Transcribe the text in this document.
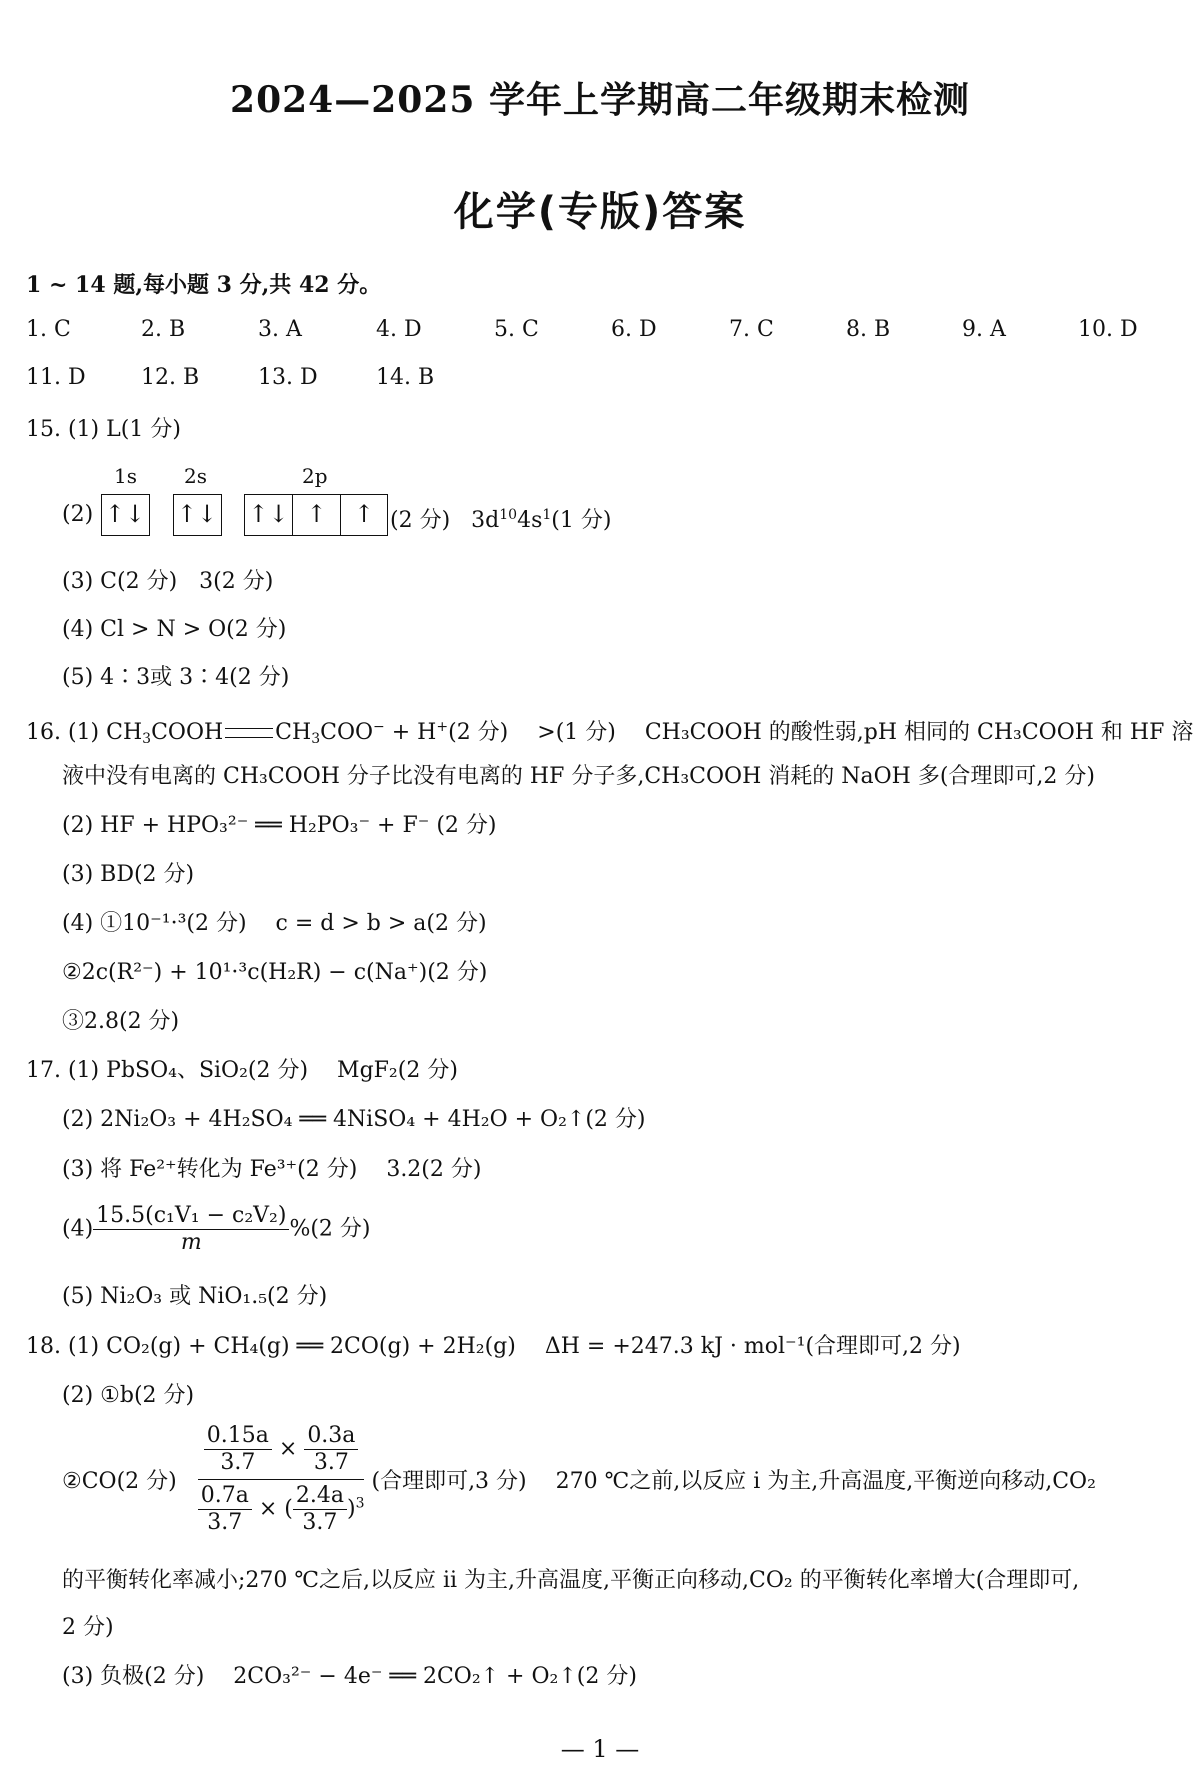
2024—2025 学年上学期高二年级期末检测
化学(专版)答案
1 ~ 14 题,每小题 3 分,共 42 分。
1. C	2. B	3. A	4. D	5. C	6. D	7. C	8. B	9. A	10. D
11. D	12. B	13. D	14. B
15. (1) L(1 分)
1s 2s	2p
(2) ↑↓ ↑↓ ↑↓ ↑	↑ (2 分) $3d^{10}4s^1(1$ 分)
(3) C(2 分)　3(2 分)
(4) Cl > N > O(2 分)
(5) 4∶3或 3∶4(2 分)
16. (1) $CH_3COOH$ $CH_3COO^- + H^+(2$ 分)　 >(1 分)　 CH₃COOH 的酸性弱,pH 相同的 CH₃COOH 和 HF 溶
液中没有电离的 CH₃COOH 分子比没有电离的 HF 分子多,CH₃COOH 消耗的 NaOH 多(合理即可,2 分)
(2) HF + HPO₃²⁻ ══ H₂PO₃⁻ + F⁻ (2 分)
(3) BD(2 分)
(4) ①10⁻¹·³(2 分)　 c = d > b > a(2 分)
②2c(R²⁻) + 10¹·³c(H₂R) − c(Na⁺)(2 分)
③2.8(2 分)
17. (1) PbSO₄、SiO₂(2 分)　 MgF₂(2 分)
(2) 2Ni₂O₃ + 4H₂SO₄ ══ 4NiSO₄ + 4H₂O + O₂↑(2 分)
(3) 将 Fe²⁺转化为 Fe³⁺(2 分)　 3.2(2 分)
$(4) \frac{\text{15.5(c₁V₁ − c₂V₂)}}{m} \%(2$ 分)
(5) Ni₂O₃ 或 NiO₁.₅(2 分)
18. (1) CO₂(g) + CH₄(g) ══ 2CO(g) + 2H₂(g)　 ΔH = +247.3 kJ · mol⁻¹(合理即可,2 分)
(2) ①b(2 分)
②CO(2 分) $\frac{\frac{0.15a}{3.7} \times \frac{0.3a}{3.7}}{\frac{0.7a}{3.7} \times ( \frac{2.4a}{3.7} )^3}$ (合理即可,3 分)　 270 ℃之前,以反应 ⅰ 为主,升高温度,平衡逆向移动,CO₂
的平衡转化率减小;270 ℃之后,以反应 ⅱ 为主,升高温度,平衡正向移动,CO₂ 的平衡转化率增大(合理即可,
2 分)
(3) 负极(2 分)　 2CO₃²⁻ − 4e⁻ ══ 2CO₂↑ + O₂↑(2 分)
— 1 —
